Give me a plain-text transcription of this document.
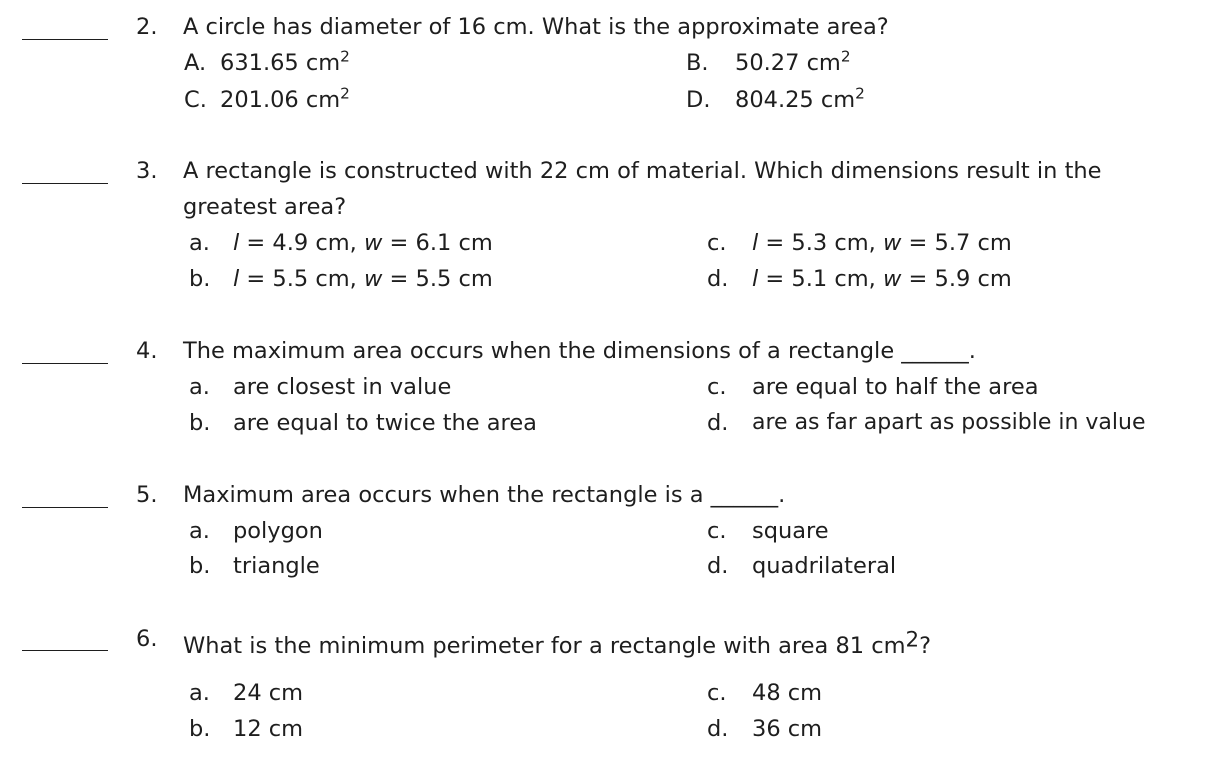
2. A circle has diameter of 16 cm. What is the approximate area?
A. 631.65 $cm^2$	B. 50.27 $cm^2$
C. 201.06 $cm^2$	D. 804.25 $cm^2$
3. A rectangle is constructed with 22 cm of material. Which dimensions result in the
greatest area?
a. l = 4.9 cm, w = 6.1 cm	c. l = 5.3 cm, w = 5.7 cm
b. l = 5.5 cm, w = 5.5 cm	d. l = 5.1 cm, w = 5.9 cm
4. The maximum area occurs when the dimensions of a rectangle ______.
a. are closest in value	c. are equal to half the area
b. are equal to twice the area	d. are as far apart as possible in value
5. Maximum area occurs when the rectangle is a ______.
a. polygon	c. square
b. triangle	d. quadrilateral
6. What is the minimum perimeter for a rectangle with area 81 $cm^2$?
a. 24 cm	c. 48 cm
b. 12 cm	d. 36 cm
